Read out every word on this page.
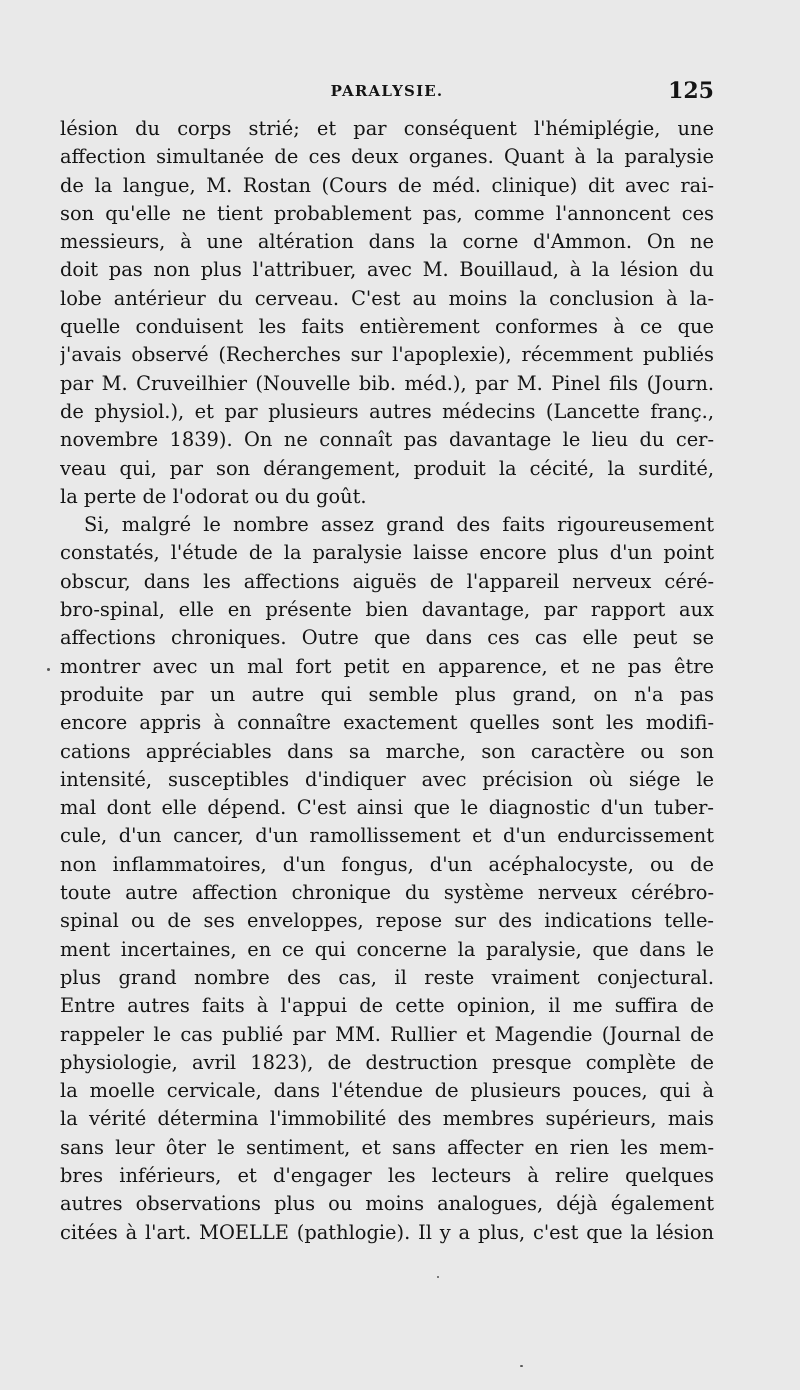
PARALYSIE.	125
lésion du corps strié; et par conséquent l'hémiplégie, une
affection simultanée de ces deux organes. Quant à la paralysie
de la langue, M. Rostan (Cours de méd. clinique) dit avec rai-
son qu'elle ne tient probablement pas, comme l'annoncent ces
messieurs, à une altération dans la corne d'Ammon. On ne
doit pas non plus l'attribuer, avec M. Bouillaud, à la lésion du
lobe antérieur du cerveau. C'est au moins la conclusion à la-
quelle conduisent les faits entièrement conformes à ce que
j'avais observé (Recherches sur l'apoplexie), récemment publiés
par M. Cruveilhier (Nouvelle bib. méd.), par M. Pinel fils (Journ.
de physiol.), et par plusieurs autres médecins (Lancette franç.,
novembre 1839). On ne connaît pas davantage le lieu du cer-
veau qui, par son dérangement, produit la cécité, la surdité,
la perte de l'odorat ou du goût.
Si, malgré le nombre assez grand des faits rigoureusement
constatés, l'étude de la paralysie laisse encore plus d'un point
obscur, dans les affections aiguës de l'appareil nerveux céré-
bro-spinal, elle en présente bien davantage, par rapport aux
affections chroniques. Outre que dans ces cas elle peut se
montrer avec un mal fort petit en apparence, et ne pas être
produite par un autre qui semble plus grand, on n'a pas
encore appris à connaître exactement quelles sont les modifi-
cations appréciables dans sa marche, son caractère ou son
intensité, susceptibles d'indiquer avec précision où siége le
mal dont elle dépend. C'est ainsi que le diagnostic d'un tuber-
cule, d'un cancer, d'un ramollissement et d'un endurcissement
non inflammatoires, d'un fongus, d'un acéphalocyste, ou de
toute autre affection chronique du système nerveux cérébro-
spinal ou de ses enveloppes, repose sur des indications telle-
ment incertaines, en ce qui concerne la paralysie, que dans le
plus grand nombre des cas, il reste vraiment conjectural.
Entre autres faits à l'appui de cette opinion, il me suffira de
rappeler le cas publié par MM. Rullier et Magendie (Journal de
physiologie, avril 1823), de destruction presque complète de
la moelle cervicale, dans l'étendue de plusieurs pouces, qui à
la vérité détermina l'immobilité des membres supérieurs, mais
sans leur ôter le sentiment, et sans affecter en rien les mem-
bres inférieurs, et d'engager les lecteurs à relire quelques
autres observations plus ou moins analogues, déjà également
citées à l'art. MOELLE (pathlogie). Il y a plus, c'est que la lésion
